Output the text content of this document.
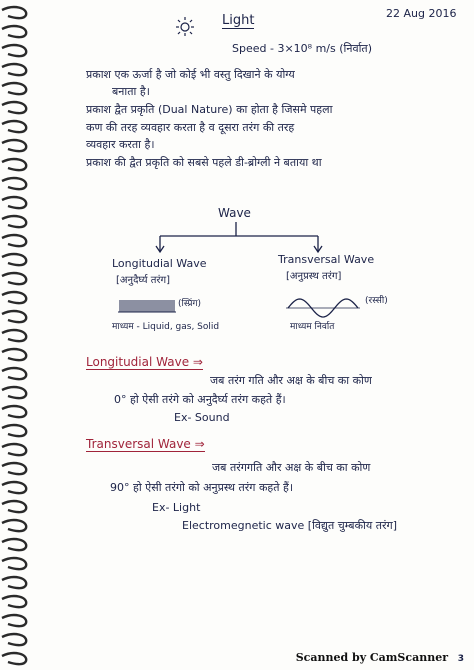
22 Aug 2016
Light
Speed - 3×10⁸ m/s (निर्वात)
प्रकाश एक ऊर्जा है जो कोई भी वस्तु दिखाने के योग्य
बनाता है।
प्रकाश द्वैत प्रकृति (Dual Nature) का होता है जिसमे पहला
कण की तरह व्यवहार करता है व दूसरा तरंग की तरह
व्यवहार करता है।
प्रकाश की द्वैत प्रकृति को सबसे पहले डी-ब्रोग्ली ने बताया था
Wave
Longitudial Wave
[अनुदैर्घ्य तरंग]
(स्प्रिंग)
माध्यम - Liquid, gas, Solid
Transversal Wave
[अनुप्रस्थ तरंग]
(रस्सी)
माध्यम निर्वात
Longitudial Wave ⇒
जब तरंग गति और अक्ष के बीच का कोण
0° हो ऐसी तरंगे को अनुदैर्घ्य तरंग कहते हैं।
Ex- Sound
Transversal Wave ⇒
जब तरंगगति और अक्ष के बीच का कोण
90° हो ऐसी तरंगो को अनुप्रस्थ तरंग कहते हैं।
Ex- Light
Electromegnetic wave [विद्युत चुम्बकीय तरंग]
Scanned by CamScanner 3
